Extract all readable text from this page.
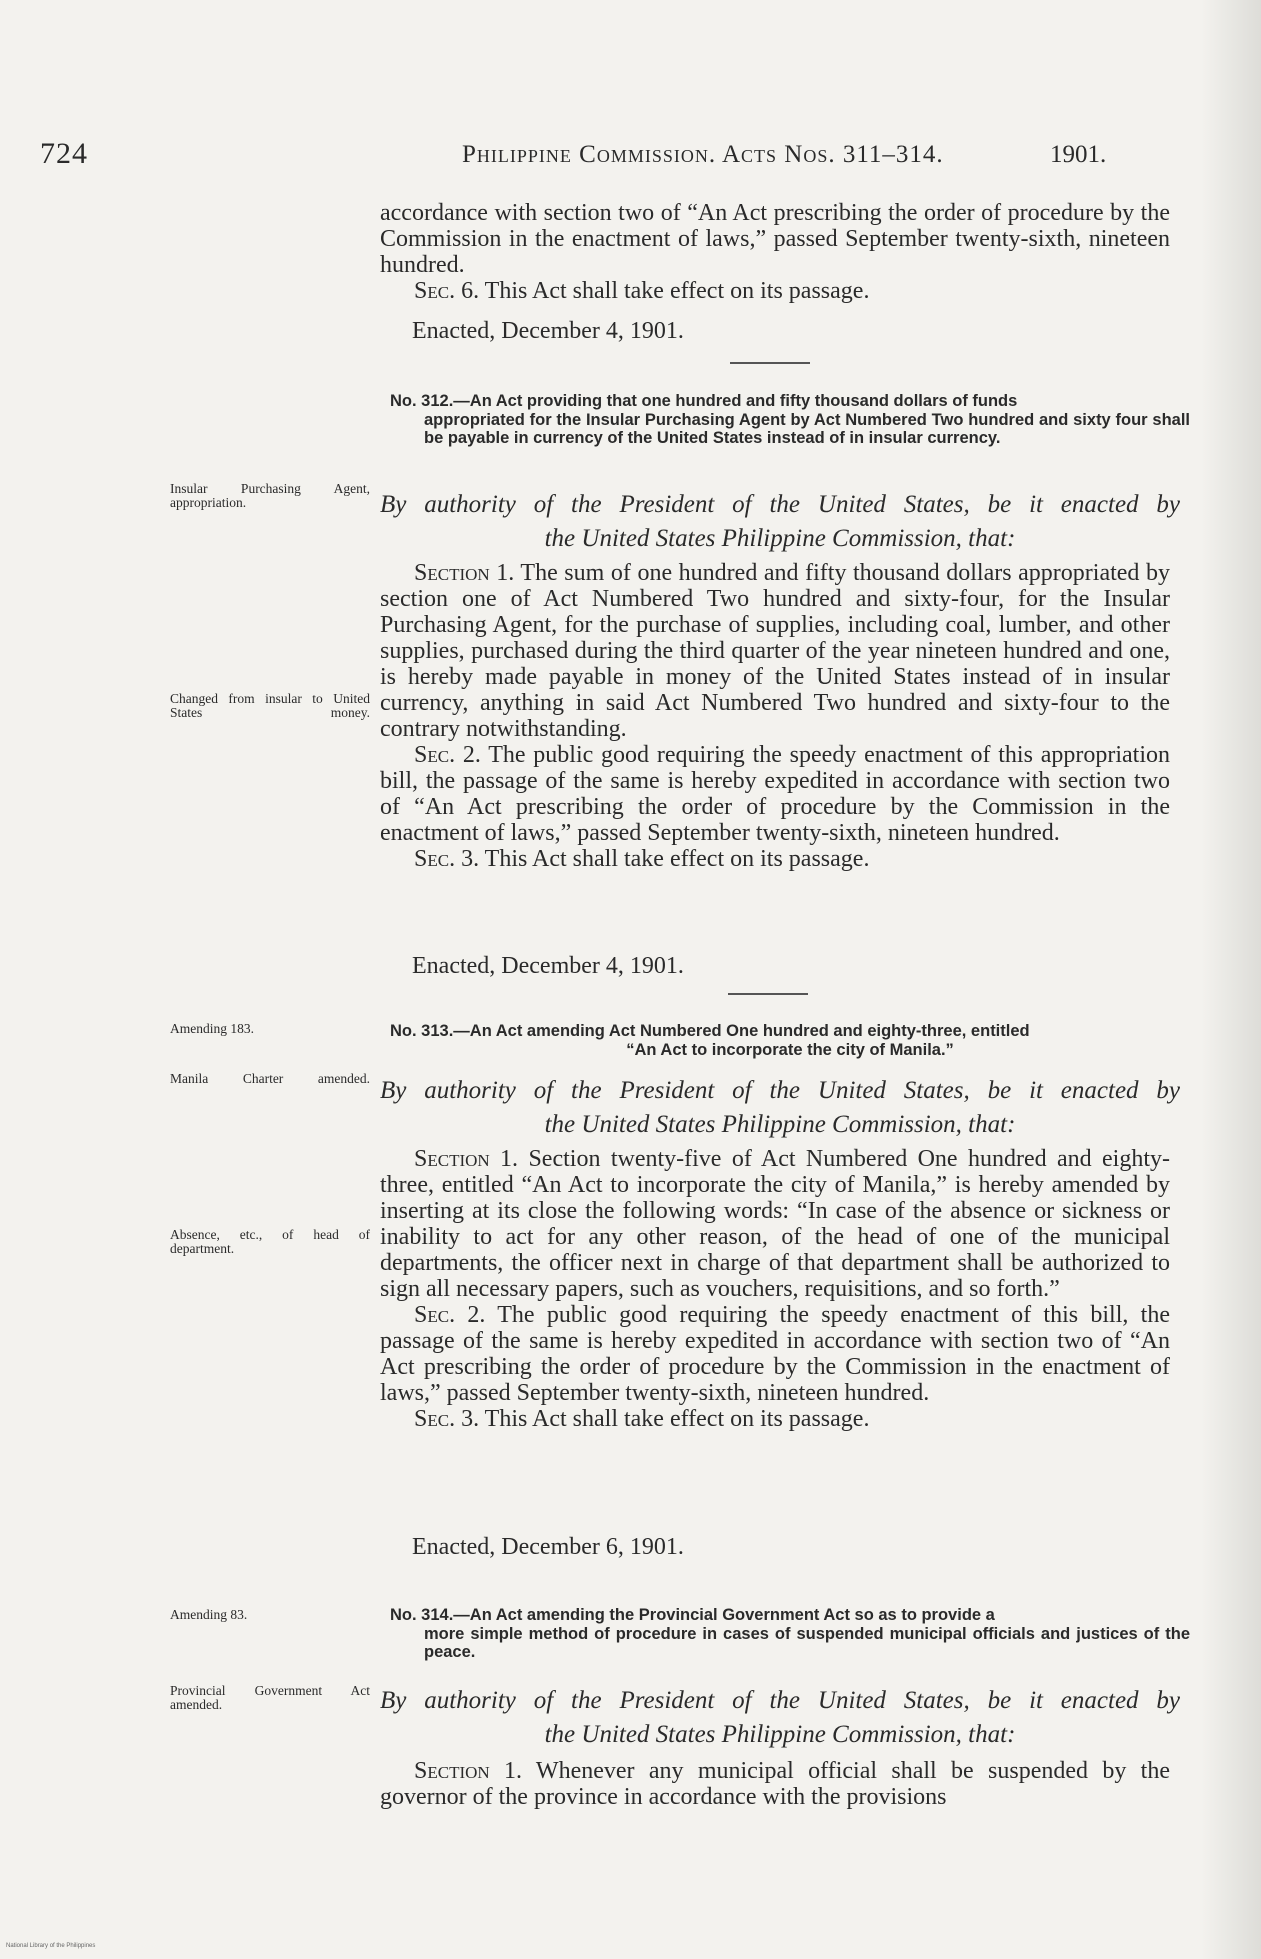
724	Philippine Commission. Acts Nos. 311–314.	1901.

accordance with section two of “An Act prescribing the order of procedure by the Commission in the enactment of laws,” passed September twenty-sixth, nineteen hundred.

Sec. 6. This Act shall take effect on its passage.

Enacted, December 4, 1901.
No. 312.—An Act providing that one hundred and fifty thousand dollars of funds
appropriated for the Insular Purchasing Agent by Act Numbered Two hundred and sixty four shall be payable in currency of the United States instead of in insular currency.
Insular Purchasing Agent, appropriation.	By authority of the President of the United States, be it enacted by
the United States Philippine Commission, that:

Section 1. The sum of one hundred and fifty thousand dollars appropriated by section one of Act Numbered Two hundred and sixty-four, for the Insular Purchasing Agent, for the purchase of supplies, including coal, lumber, and other supplies, purchased during the third quarter of the year nineteen hundred and one, is hereby made payable in money of the United States instead of in insular currency, anything in said Act Numbered Two hundred and sixty-four to the contrary notwithstanding.

Sec. 2. The public good requiring the speedy enactment of this appropriation bill, the passage of the same is hereby expedited in accordance with section two of “An Act prescribing the order of procedure by the Commission in the enactment of laws,” passed September twenty-sixth, nineteen hundred.

Sec. 3. This Act shall take effect on its passage.

Changed from insular to United States money.
Enacted, December 4, 1901.
Amending 183.	No. 313.—An Act amending Act Numbered One hundred and eighty-three, entitled
“An Act to incorporate the city of Manila.”
Manila Charter amended. By authority of the President of the United States, be it enacted by
the United States Philippine Commission, that:

Section 1. Section twenty-five of Act Numbered One hundred and eighty-three, entitled “An Act to incorporate the city of Manila,” is hereby amended by inserting at its close the following words: “In case of the absence or sickness or inability to act for any other reason, of the head of one of the municipal departments, the officer next in charge of that department shall be authorized to sign all necessary papers, such as vouchers, requisitions, and so forth.”

Sec. 2. The public good requiring the speedy enactment of this bill, the passage of the same is hereby expedited in accordance with section two of “An Act prescribing the order of procedure by the Commission in the enactment of laws,” passed September twenty-sixth, nineteen hundred.

Sec. 3. This Act shall take effect on its passage.

Absence, etc., of head of department.
Enacted, December 6, 1901.
Amending 83.	No. 314.—An Act amending the Provincial Government Act so as to provide a
more simple method of procedure in cases of suspended municipal officials and justices of the peace.
Provincial Government Act amended.	By authority of the President of the United States, be it enacted by
the United States Philippine Commission, that:

Section 1. Whenever any municipal official shall be suspended by the governor of the province in accordance with the provisions

National Library of the Philippines
